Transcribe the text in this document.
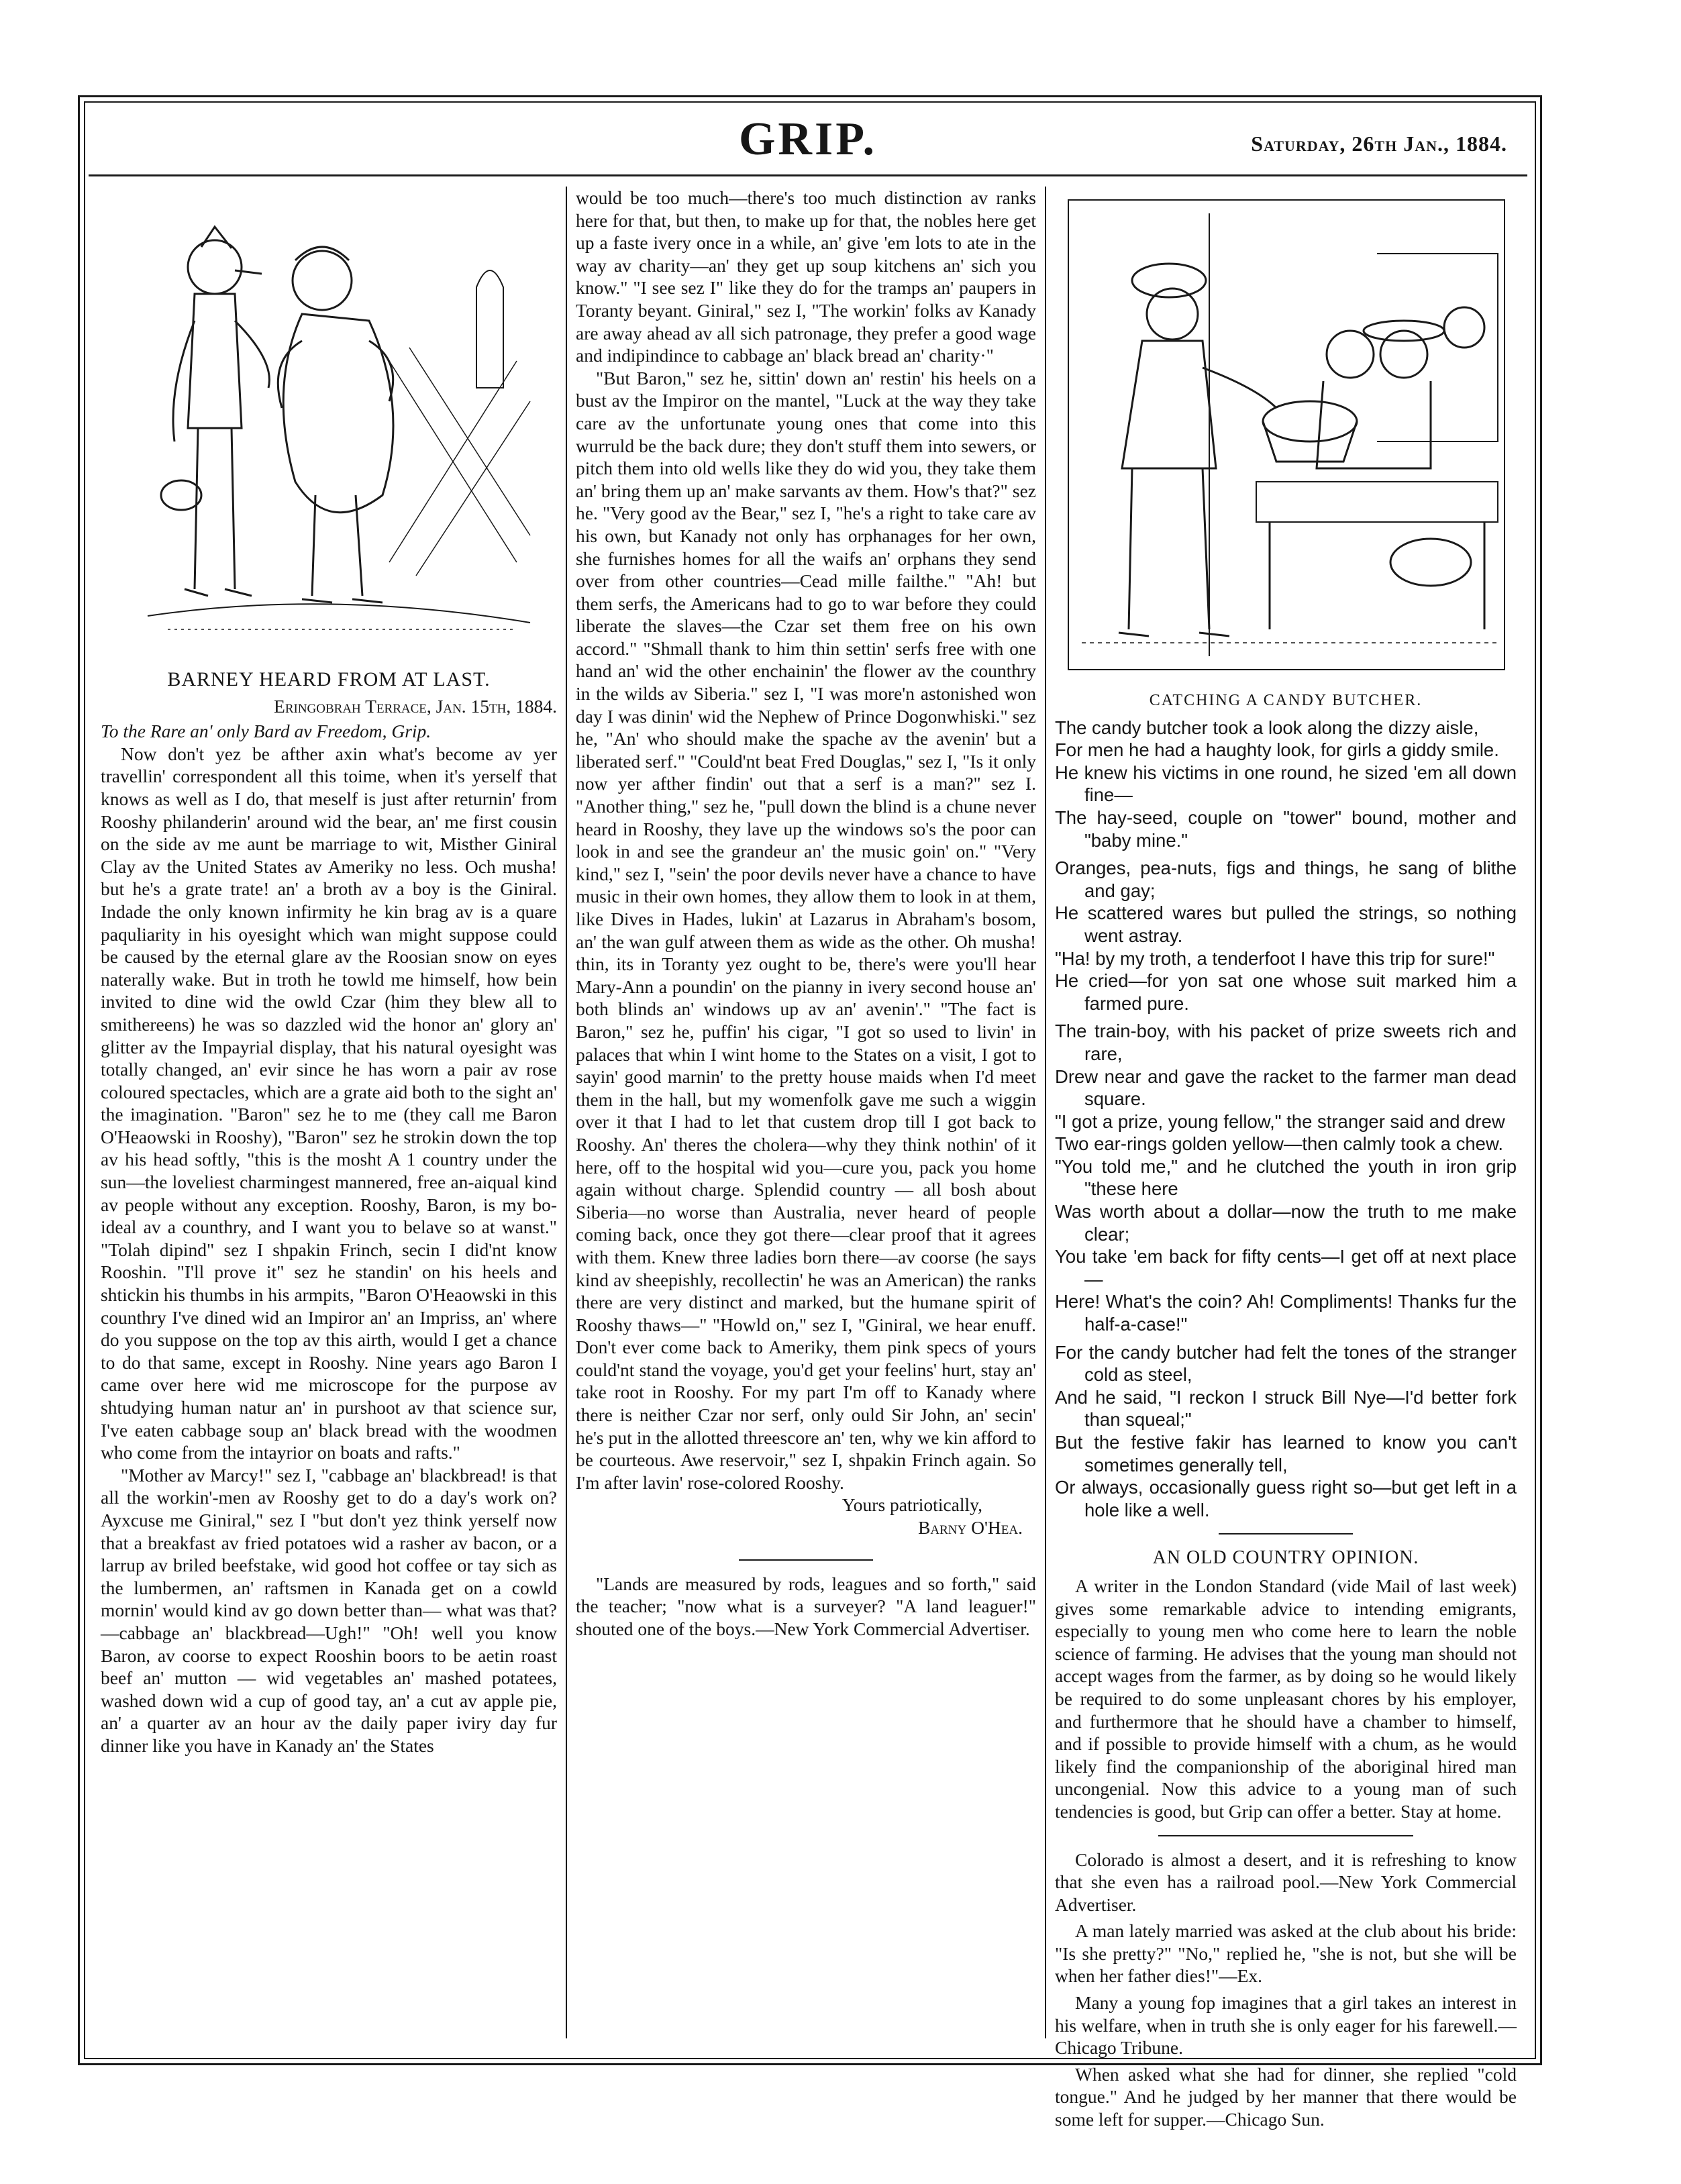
GRIP.	Saturday, 26th Jan., 1884.

BARNEY HEARD FROM AT LAST.

Eringobrah Terrace, Jan. 15th, 1884.

To the Rare an' only Bard av Freedom, Grip.

Now don't yez be afther axin what's become av yer travellin' correspondent all this toime, when it's yerself that knows as well as I do, that meself is just after returnin' from Rooshy philanderin' around wid the bear, an' me first cousin on the side av me aunt be marriage to wit, Misther Giniral Clay av the United States av Ameriky no less. Och musha! but he's a grate trate! an' a broth av a boy is the Giniral. Indade the only known infirmity he kin brag av is a quare paquliarity in his oyesight which wan might suppose could be caused by the eternal glare av the Roosian snow on eyes naterally wake. But in troth he towld me himself, how bein invited to dine wid the owld Czar (him they blew all to smithereens) he was so dazzled wid the honor an' glory an' glitter av the Impayrial display, that his natural oyesight was totally changed, an' evir since he has worn a pair av rose coloured spectacles, which are a grate aid both to the sight an' the imagination. "Baron" sez he to me (they call me Baron O'Heaowski in Rooshy), "Baron" sez he strokin down the top av his head softly, "this is the mosht A 1 country under the sun—the loveliest charmingest mannered, free an-aiqual kind av people without any exception. Rooshy, Baron, is my bo-ideal av a counthry, and I want you to belave so at wanst." "Tolah dipind" sez I shpakin Frinch, secin I did'nt know Rooshin. "I'll prove it" sez he standin' on his heels and shtickin his thumbs in his armpits, "Baron O'Heaowski in this counthry I've dined wid an Impiror an' an Impriss, an' where do you suppose on the top av this airth, would I get a chance to do that same, except in Rooshy. Nine years ago Baron I came over here wid me microscope for the purpose av shtudying human natur an' in purshoot av that science sur, I've eaten cabbage soup an' black bread with the woodmen who come from the intayrior on boats and rafts."

"Mother av Marcy!" sez I, "cabbage an' blackbread! is that all the workin'-men av Rooshy get to do a day's work on? Ayxcuse me Giniral," sez I "but don't yez think yerself now that a breakfast av fried potatoes wid a rasher av bacon, or a larrup av briled beefstake, wid good hot coffee or tay sich as the lumbermen, an' raftsmen in Kanada get on a cowld mornin' would kind av go down better than— what was that?—cabbage an' blackbread—Ugh!" "Oh! well you know Baron, av coorse to expect Rooshin boors to be aetin roast beef an' mutton — wid vegetables an' mashed potatees, washed down wid a cup of good tay, an' a cut av apple pie, an' a quarter av an hour av the daily paper iviry day fur dinner like you have in Kanady an' the States

would be too much—there's too much distinction av ranks here for that, but then, to make up for that, the nobles here get up a faste ivery once in a while, an' give 'em lots to ate in the way av charity—an' they get up soup kitchens an' sich you know." "I see sez I" like they do for the tramps an' paupers in Toranty beyant. Giniral," sez I, "The workin' folks av Kanady are away ahead av all sich patronage, they prefer a good wage and indipindince to cabbage an' black bread an' charity·"

"But Baron," sez he, sittin' down an' restin' his heels on a bust av the Impiror on the mantel, "Luck at the way they take care av the unfortunate young ones that come into this wurruld be the back dure; they don't stuff them into sewers, or pitch them into old wells like they do wid you, they take them an' bring them up an' make sarvants av them. How's that?" sez he. "Very good av the Bear," sez I, "he's a right to take care av his own, but Kanady not only has orphanages for her own, she furnishes homes for all the waifs an' orphans they send over from other countries—Cead mille failthe." "Ah! but them serfs, the Americans had to go to war before they could liberate the slaves—the Czar set them free on his own accord." "Shmall thank to him thin settin' serfs free with one hand an' wid the other enchainin' the flower av the counthry in the wilds av Siberia." sez I, "I was more'n astonished won day I was dinin' wid the Nephew of Prince Dogonwhiski." sez he, "An' who should make the spache av the avenin' but a liberated serf." "Could'nt beat Fred Douglas," sez I, "Is it only now yer afther findin' out that a serf is a man?" sez I. "Another thing," sez he, "pull down the blind is a chune never heard in Rooshy, they lave up the windows so's the poor can look in and see the grandeur an' the music goin' on." "Very kind," sez I, "sein' the poor devils never have a chance to have music in their own homes, they allow them to look in at them, like Dives in Hades, lukin' at Lazarus in Abraham's bosom, an' the wan gulf atween them as wide as the other. Oh musha! thin, its in Toranty yez ought to be, there's were you'll hear Mary-Ann a poundin' on the pianny in ivery second house an' both blinds an' windows up av an' avenin'." "The fact is Baron," sez he, puffin' his cigar, "I got so used to livin' in palaces that whin I wint home to the States on a visit, I got to sayin' good marnin' to the pretty house maids when I'd meet them in the hall, but my womenfolk gave me such a wiggin over it that I had to let that custem drop till I got back to Rooshy. An' theres the cholera—why they think nothin' of it here, off to the hospital wid you—cure you, pack you home again without charge. Splendid country — all bosh about Siberia—no worse than Australia, never heard of people coming back, once they got there—clear proof that it agrees with them. Knew three ladies born there—av coorse (he says kind av sheepishly, recollectin' he was an American) the ranks there are very distinct and marked, but the humane spirit of Rooshy thaws—" "Howld on," sez I, "Giniral, we hear enuff. Don't ever come back to Ameriky, them pink specs of yours could'nt stand the voyage, you'd get your feelins' hurt, stay an' take root in Rooshy. For my part I'm off to Kanady where there is neither Czar nor serf, only ould Sir John, an' secin' he's put in the allotted threescore an' ten, why we kin afford to be courteous. Awe reservoir," sez I, shpakin Frinch again. So I'm after lavin' rose-colored Rooshy.

Yours patriotically,

Barny O'Hea.

"Lands are measured by rods, leagues and so forth," said the teacher; "now what is a surveyer? "A land leaguer!" shouted one of the boys.—New York Commercial Advertiser.

CATCHING A CANDY BUTCHER.

The candy butcher took a look along the dizzy aisle,

For men he had a haughty look, for girls a giddy smile.

He knew his victims in one round, he sized 'em all down fine—

The hay-seed, couple on "tower" bound, mother and "baby mine."

Oranges, pea-nuts, figs and things, he sang of blithe and gay;

He scattered wares but pulled the strings, so nothing went astray.

"Ha! by my troth, a tenderfoot I have this trip for sure!"

He cried—for yon sat one whose suit marked him a farmed pure.

The train-boy, with his packet of prize sweets rich and rare,

Drew near and gave the racket to the farmer man dead square.

"I got a prize, young fellow," the stranger said and drew

Two ear-rings golden yellow—then calmly took a chew.

"You told me," and he clutched the youth in iron grip "these here

Was worth about a dollar—now the truth to me make clear;

You take 'em back for fifty cents—I get off at next place—

Here! What's the coin? Ah! Compliments! Thanks fur the half-a-case!"

For the candy butcher had felt the tones of the stranger cold as steel,

And he said, "I reckon I struck Bill Nye—I'd better fork than squeal;"

But the festive fakir has learned to know you can't sometimes generally tell,

Or always, occasionally guess right so—but get left in a hole like a well.

AN OLD COUNTRY OPINION.

A writer in the London Standard (vide Mail of last week) gives some remarkable advice to intending emigrants, especially to young men who come here to learn the noble science of farming. He advises that the young man should not accept wages from the farmer, as by doing so he would likely be required to do some unpleasant chores by his employer, and furthermore that he should have a chamber to himself, and if possible to provide himself with a chum, as he would likely find the companionship of the aboriginal hired man uncongenial. Now this advice to a young man of such tendencies is good, but Grip can offer a better. Stay at home.

Colorado is almost a desert, and it is refreshing to know that she even has a railroad pool.—New York Commercial Advertiser.

A man lately married was asked at the club about his bride: "Is she pretty?" "No," replied he, "she is not, but she will be when her father dies!"—Ex.

Many a young fop imagines that a girl takes an interest in his welfare, when in truth she is only eager for his farewell.—Chicago Tribune.

When asked what she had for dinner, she replied "cold tongue." And he judged by her manner that there would be some left for supper.—Chicago Sun.
